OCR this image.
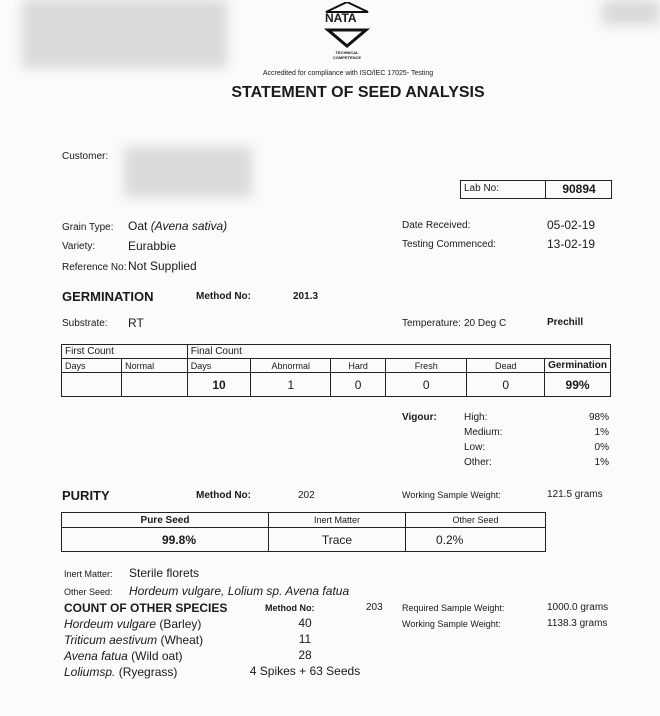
NATA
TECHNICAL COMPETENCE
Accredited for compliance with ISO/IEC 17025- Testing
STATEMENT OF SEED ANALYSIS
Customer:
Lab No:	90894
Grain Type: Oat (Avena sativa)
Variety:	Eurabbie
Reference No: Not Supplied
Date Received:	05-02-19
Testing Commenced:	13-02-19
GERMINATION	Method No:	201.3
Substrate: RT	Temperature: 20 Deg C	Prechill
First Count		Final Count					
Days	Normal	Days	Abnormal	Hard	Fresh	Dead	Germination
		10	1	0	0	0	99%
Vigour:	High:	98%
Medium:	1%
Low:	0%
Other:	1%
PURITY	Method No:	202	Working Sample Weight:	121.5 grams
Pure Seed	Inert Matter	Other Seed
99.8%	Trace	0.2%
Inert Matter: Sterile florets
Other Seed: Hordeum vulgare, Lolium sp. Avena fatua
COUNT OF OTHER SPECIES	Method No:	203 Required Sample Weight:	1000.0 grams
Working Sample Weight:	1138.3 grams
Hordeum vulgare (Barley)	40
Triticum aestivum (Wheat)	11
Avena fatua (Wild oat)	28
Loliumsp. (Ryegrass)	4 Spikes + 63 Seeds
